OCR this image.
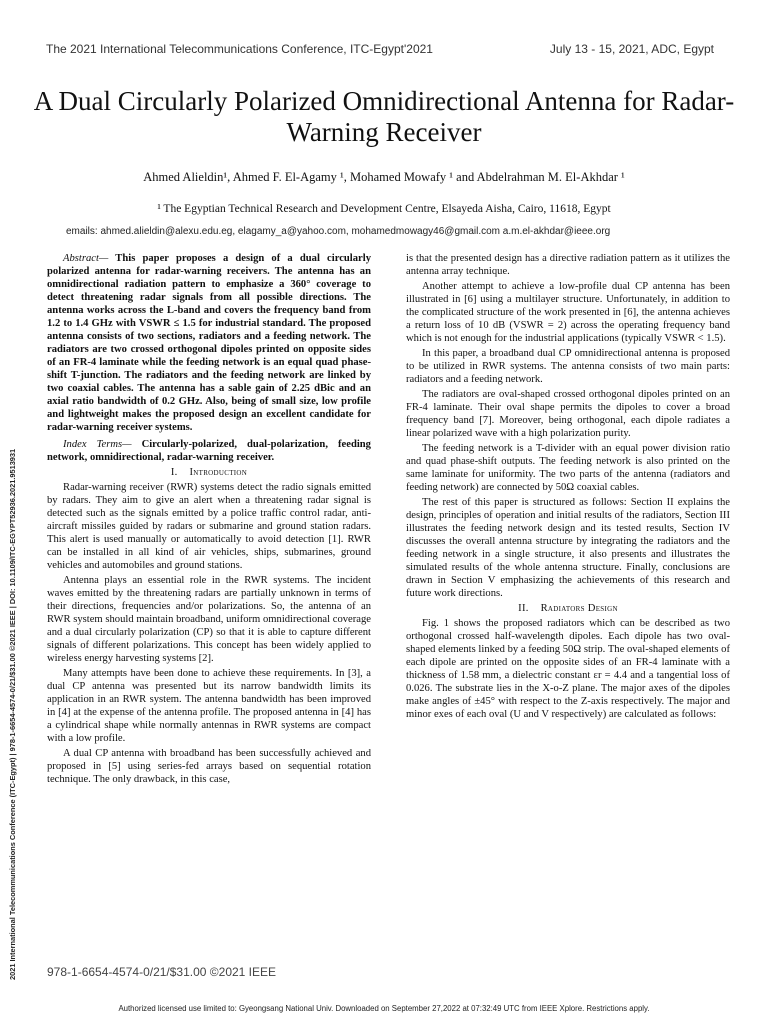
The 2021 International Telecommunications Conference, ITC-Egypt'2021	July 13 - 15, 2021, ADC, Egypt
A Dual Circularly Polarized Omnidirectional Antenna for Radar-Warning Receiver
Ahmed Alieldin¹, Ahmed F. El-Agamy ¹, Mohamed Mowafy ¹ and Abdelrahman M. El-Akhdar ¹
¹ The Egyptian Technical Research and Development Centre, Elsayeda Aisha, Cairo, 11618, Egypt
emails: ahmed.alieldin@alexu.edu.eg, elagamy_a@yahoo.com, mohamedmowagy46@gmail.com a.m.el-akhdar@ieee.org
2021 International Telecommunications Conference (ITC-Egypt) | 978-1-6654-4574-0/21/$31.00 ©2021 IEEE | DOI: 10.1109/ITC-EGYPT52936.2021.9513931

Abstract— This paper proposes a design of a dual circularly polarized antenna for radar-warning receivers. The antenna has an omnidirectional radiation pattern to emphasize a 360° coverage to detect threatening radar signals from all possible directions. The antenna works across the L-band and covers the frequency band from 1.2 to 1.4 GHz with VSWR ≤ 1.5 for industrial standard. The proposed antenna consists of two sections, radiators and a feeding network. The radiators are two crossed orthogonal dipoles printed on opposite sides of an FR-4 laminate while the feeding network is an equal quad phase-shift T-junction. The radiators and the feeding network are linked by two coaxial cables. The antenna has a sable gain of 2.25 dBic and an axial ratio bandwidth of 0.2 GHz. Also, being of small size, low profile and lightweight makes the proposed design an excellent candidate for radar-warning receiver systems.

Index Terms— Circularly-polarized, dual-polarization, feeding network, omnidirectional, radar-warning receiver.

I. Introduction

Radar-warning receiver (RWR) systems detect the radio signals emitted by radars. They aim to give an alert when a threatening radar signal is detected such as the signals emitted by a police traffic control radar, anti-aircraft missiles guided by radars or submarine and ground station radars. This alert is used manually or automatically to avoid detection [1]. RWR can be installed in all kind of air vehicles, ships, submarines, ground vehicles and automobiles and ground stations.

Antenna plays an essential role in the RWR systems. The incident waves emitted by the threatening radars are partially unknown in terms of their directions, frequencies and/or polarizations. So, the antenna of an RWR system should maintain broadband, uniform omnidirectional coverage and a dual circularly polarization (CP) so that it is able to capture different signals of different polarizations. This concept has been widely applied to wireless energy harvesting systems [2].

Many attempts have been done to achieve these requirements. In [3], a dual CP antenna was presented but its narrow bandwidth limits its application in an RWR system. The antenna bandwidth has been improved in [4] at the expense of the antenna profile. The proposed antenna in [4] has a cylindrical shape while normally antennas in RWR systems are compact with a low profile.

A dual CP antenna with broadband has been successfully achieved and proposed in [5] using series-fed arrays based on sequential rotation technique. The only drawback, in this case,

is that the presented design has a directive radiation pattern as it utilizes the antenna array technique.

Another attempt to achieve a low-profile dual CP antenna has been illustrated in [6] using a multilayer structure. Unfortunately, in addition to the complicated structure of the work presented in [6], the antenna achieves a return loss of 10 dB (VSWR = 2) across the operating frequency band which is not enough for the industrial applications (typically VSWR < 1.5).

In this paper, a broadband dual CP omnidirectional antenna is proposed to be utilized in RWR systems. The antenna consists of two main parts: radiators and a feeding network.

The radiators are oval-shaped crossed orthogonal dipoles printed on an FR-4 laminate. Their oval shape permits the dipoles to cover a broad frequency band [7]. Moreover, being orthogonal, each dipole radiates a linear polarized wave with a high polarization purity.

The feeding network is a T-divider with an equal power division ratio and quad phase-shift outputs. The feeding network is also printed on the same laminate for uniformity. The two parts of the antenna (radiators and feeding network) are connected by 50Ω coaxial cables.

The rest of this paper is structured as follows: Section II explains the design, principles of operation and initial results of the radiators, Section III illustrates the feeding network design and its tested results, Section IV discusses the overall antenna structure by integrating the radiators and the feeding network in a single structure, it also presents and illustrates the simulated results of the whole antenna structure. Finally, conclusions are drawn in Section V emphasizing the achievements of this research and future work directions.

II. Radiators Design

Fig. 1 shows the proposed radiators which can be described as two orthogonal crossed half-wavelength dipoles. Each dipole has two oval-shaped elements linked by a feeding 50Ω strip. The oval-shaped elements of each dipole are printed on the opposite sides of an FR-4 laminate with a thickness of 1.58 mm, a dielectric constant εr = 4.4 and a tangential loss of 0.026. The substrate lies in the X-o-Z plane. The major axes of the dipoles make angles of ±45° with respect to the Z-axis respectively. The major and minor exes of each oval (U and V respectively) are calculated as follows:

978-1-6654-4574-0/21/$31.00 ©2021 IEEE
Authorized licensed use limited to: Gyeongsang National Univ. Downloaded on September 27,2022 at 07:32:49 UTC from IEEE Xplore. Restrictions apply.
